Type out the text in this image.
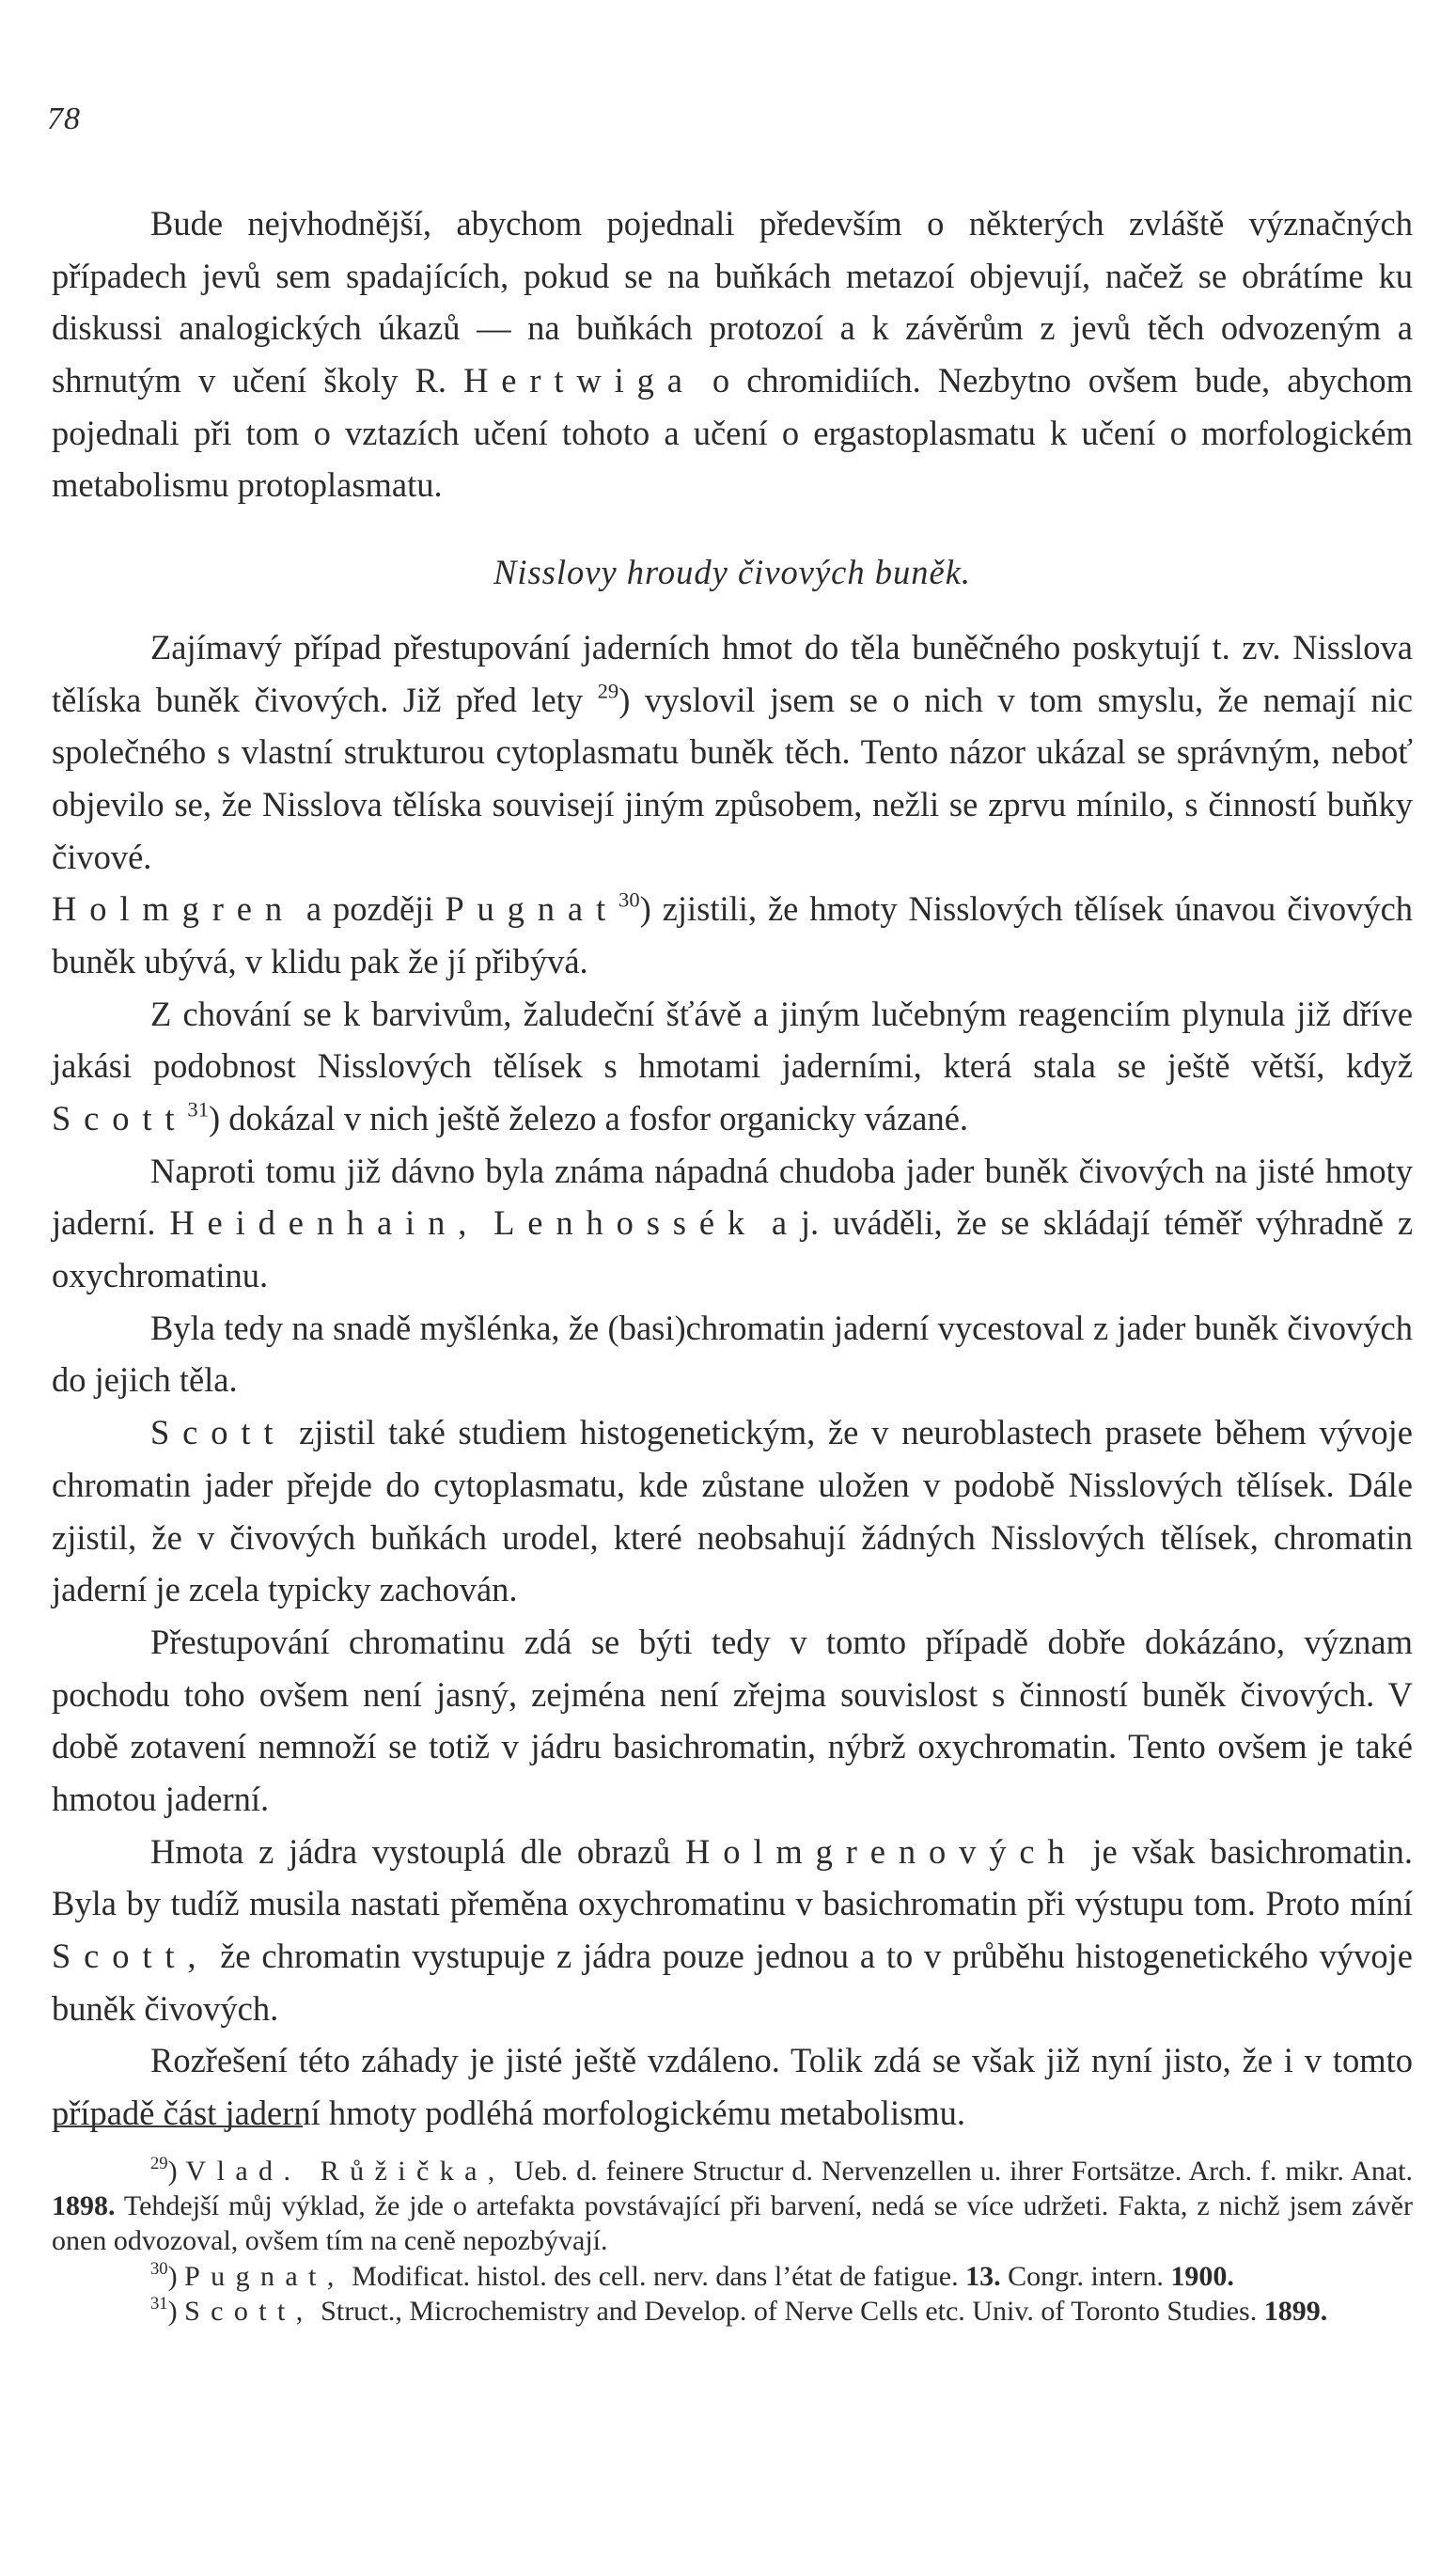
78

Bude nejvhodnější, abychom pojednali především o některých zvláště význačných případech jevů sem spadajících, pokud se na buňkách metazoí objevují, načež se obrátíme ku diskussi analogických úkazů — na buňkách protozoí a k závěrům z jevů těch odvozeným a shrnutým v učení školy R. Hertwiga o chromidiích. Nezbytno ovšem bude, abychom pojednali při tom o vztazích učení tohoto a učení o ergastoplasmatu k učení o morfologickém metabolismu protoplasmatu.

Nisslovy hroudy čivových buněk.

Zajímavý případ přestupování jaderních hmot do těla buněčného poskytují t. zv. Nisslova tělíska buněk čivových. Již před lety $^{29}$) vyslovil jsem se o nich v tom smyslu, že nemají nic společného s vlastní strukturou cytoplasmatu buněk těch. Tento názor ukázal se správným, neboť objevilo se, že Nisslova tělíska souvisejí jiným způsobem, nežli se zprvu mínilo, s činností buňky čivové.

Holmgren a později Pugnat$^{30}$) zjistili, že hmoty Nisslových tělísek únavou čivových buněk ubývá, v klidu pak že jí přibývá.

Z chování se k barvivům, žaludeční šťávě a jiným lučebným reagenciím plynula již dříve jakási podobnost Nisslových tělísek s hmotami jaderními, která stala se ještě větší, když Scott$^{31}$) dokázal v nich ještě železo a fosfor organicky vázané.

Naproti tomu již dávno byla známa nápadná chudoba jader buněk čivových na jisté hmoty jaderní. Heidenhain, Lenhossék a j. uváděli, že se skládají téměř výhradně z oxychromatinu.

Byla tedy na snadě myšlénka, že (basi)chromatin jaderní vycestoval z jader buněk čivových do jejich těla.

Scott zjistil také studiem histogenetickým, že v neuroblastech prasete během vývoje chromatin jader přejde do cytoplasmatu, kde zůstane uložen v podobě Nisslových tělísek. Dále zjistil, že v čivových buňkách urodel, které neobsahují žádných Nisslových tělísek, chromatin jaderní je zcela typicky zachován.

Přestupování chromatinu zdá se býti tedy v tomto případě dobře dokázáno, význam pochodu toho ovšem není jasný, zejména není zřejma souvislost s činností buněk čivových. V době zotavení nemnoží se totiž v jádru basichromatin, nýbrž oxychromatin. Tento ovšem je také hmotou jaderní.

Hmota z jádra vystouplá dle obrazů Holmgrenových je však basichromatin. Byla by tudíž musila nastati přeměna oxychromatinu v basichromatin při výstupu tom. Proto míní Scott, že chromatin vystupuje z jádra pouze jednou a to v průběhu histogenetického vývoje buněk čivových.

Rozřešení této záhady je jisté ještě vzdáleno. Tolik zdá se však již nyní jisto, že i v tomto případě část jaderní hmoty podléhá morfologickému metabolismu.

$^{29}$) Vlad. Růžička, Ueb. d. feinere Structur d. Nervenzellen u. ihrer Fortsätze. Arch. f. mikr. Anat. 1898. Tehdejší můj výklad, že jde o artefakta povstávající při barvení, nedá se více udržeti. Fakta, z nichž jsem závěr onen odvozoval, ovšem tím na ceně nepozbývají.

$^{30}$) Pugnat, Modificat. histol. des cell. nerv. dans l’état de fatigue. 13. Congr. intern. 1900.

$^{31}$) Scott, Struct., Microchemistry and Develop. of Nerve Cells etc. Univ. of Toronto Studies. 1899.
